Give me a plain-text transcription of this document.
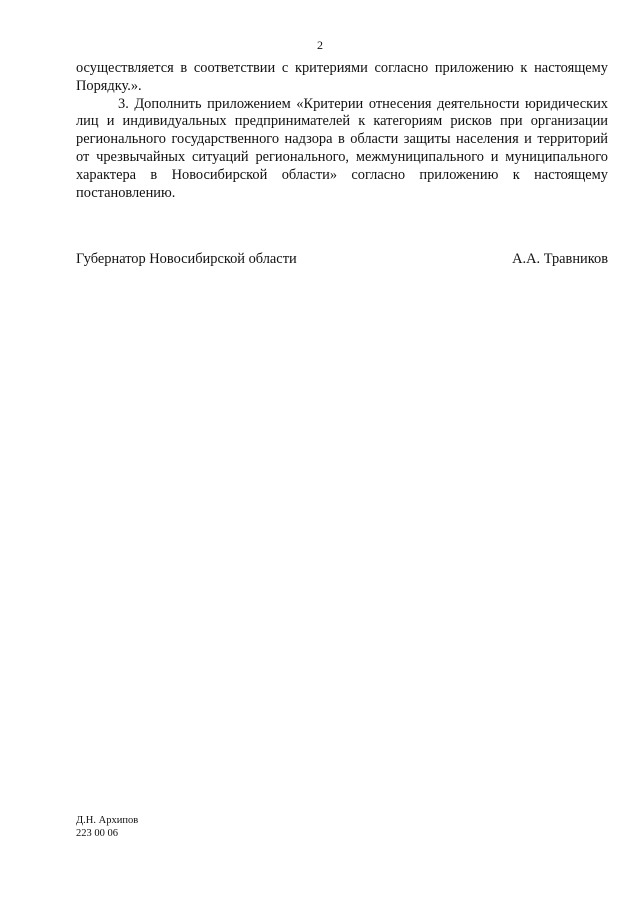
2

осуществляется в соответствии с критериями согласно приложению к настоящему Порядку.».

3. Дополнить приложением «Критерии отнесения деятельности юридических лиц и индивидуальных предпринимателей к категориям рисков при организации регионального государственного надзора в области защиты населения и территорий от чрезвычайных ситуаций регионального, межмуниципального и муниципального характера в Новосибирской области» согласно приложению к настоящему постановлению.

Губернатор Новосибирской области	А.А. Травников
Д.Н. Архипов
223 00 06
